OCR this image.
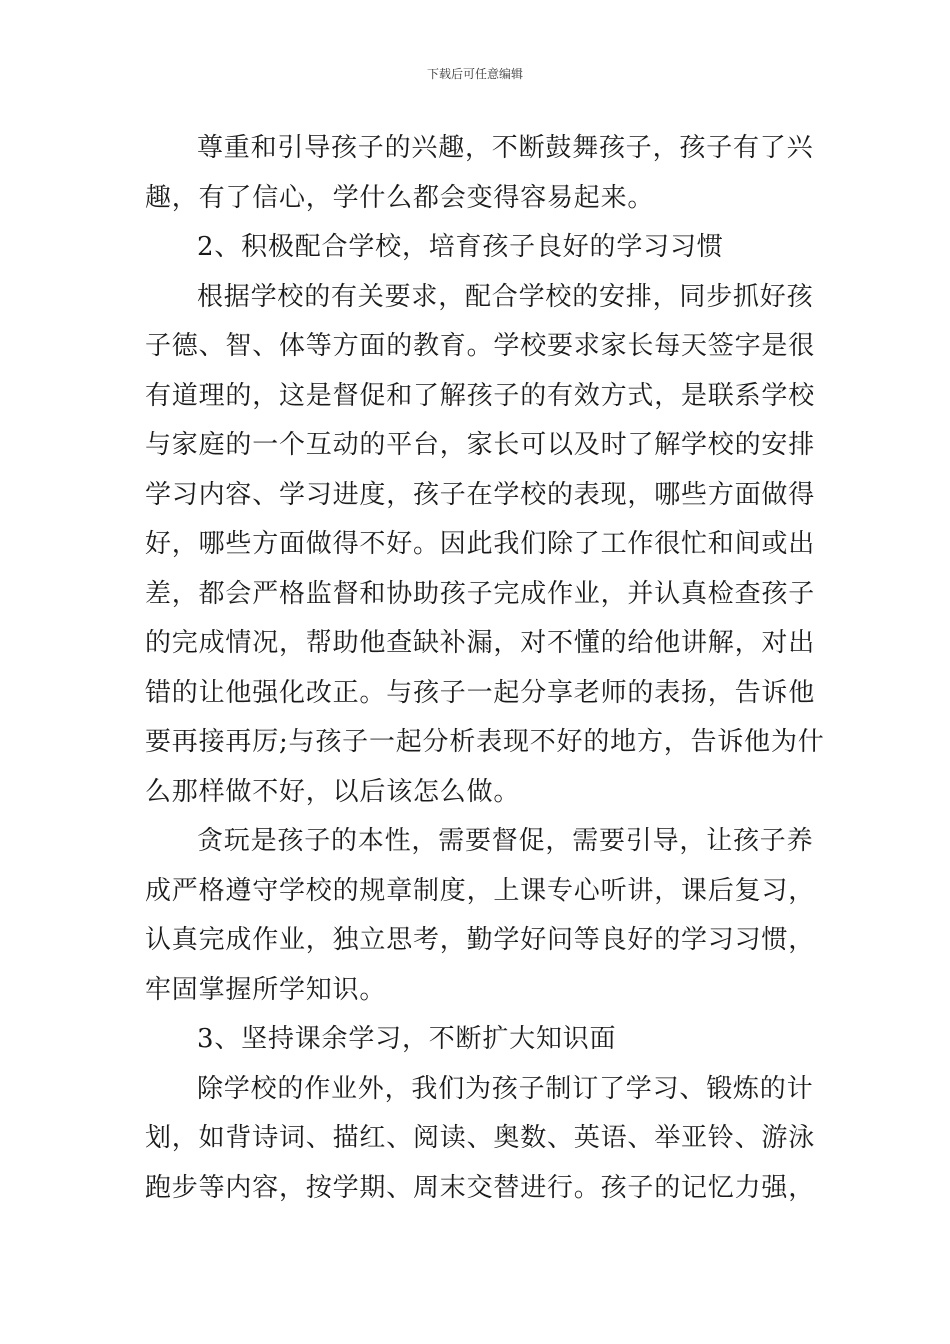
下载后可任意编辑
尊重和引导孩子的兴趣，不断鼓舞孩子，孩子有了兴
趣，有了信心，学什么都会变得容易起来。
2、积极配合学校，培育孩子良好的学习习惯
根据学校的有关要求，配合学校的安排，同步抓好孩
子德、智、体等方面的教育。学校要求家长每天签字是很
有道理的，这是督促和了解孩子的有效方式，是联系学校
与家庭的一个互动的平台，家长可以及时了解学校的安排
学习内容、学习进度，孩子在学校的表现，哪些方面做得
好，哪些方面做得不好。因此我们除了工作很忙和间或出
差，都会严格监督和协助孩子完成作业，并认真检查孩子
的完成情况，帮助他查缺补漏，对不懂的给他讲解，对出
错的让他强化改正。与孩子一起分享老师的表扬，告诉他
要再接再厉;与孩子一起分析表现不好的地方，告诉他为什
么那样做不好，以后该怎么做。
贪玩是孩子的本性，需要督促，需要引导，让孩子养
成严格遵守学校的规章制度，上课专心听讲，课后复习，
认真完成作业，独立思考，勤学好问等良好的学习习惯，
牢固掌握所学知识。
3、坚持课余学习，不断扩大知识面
除学校的作业外，我们为孩子制订了学习、锻炼的计
划，如背诗词、描红、阅读、奥数、英语、举亚铃、游泳
跑步等内容，按学期、周末交替进行。孩子的记忆力强，
